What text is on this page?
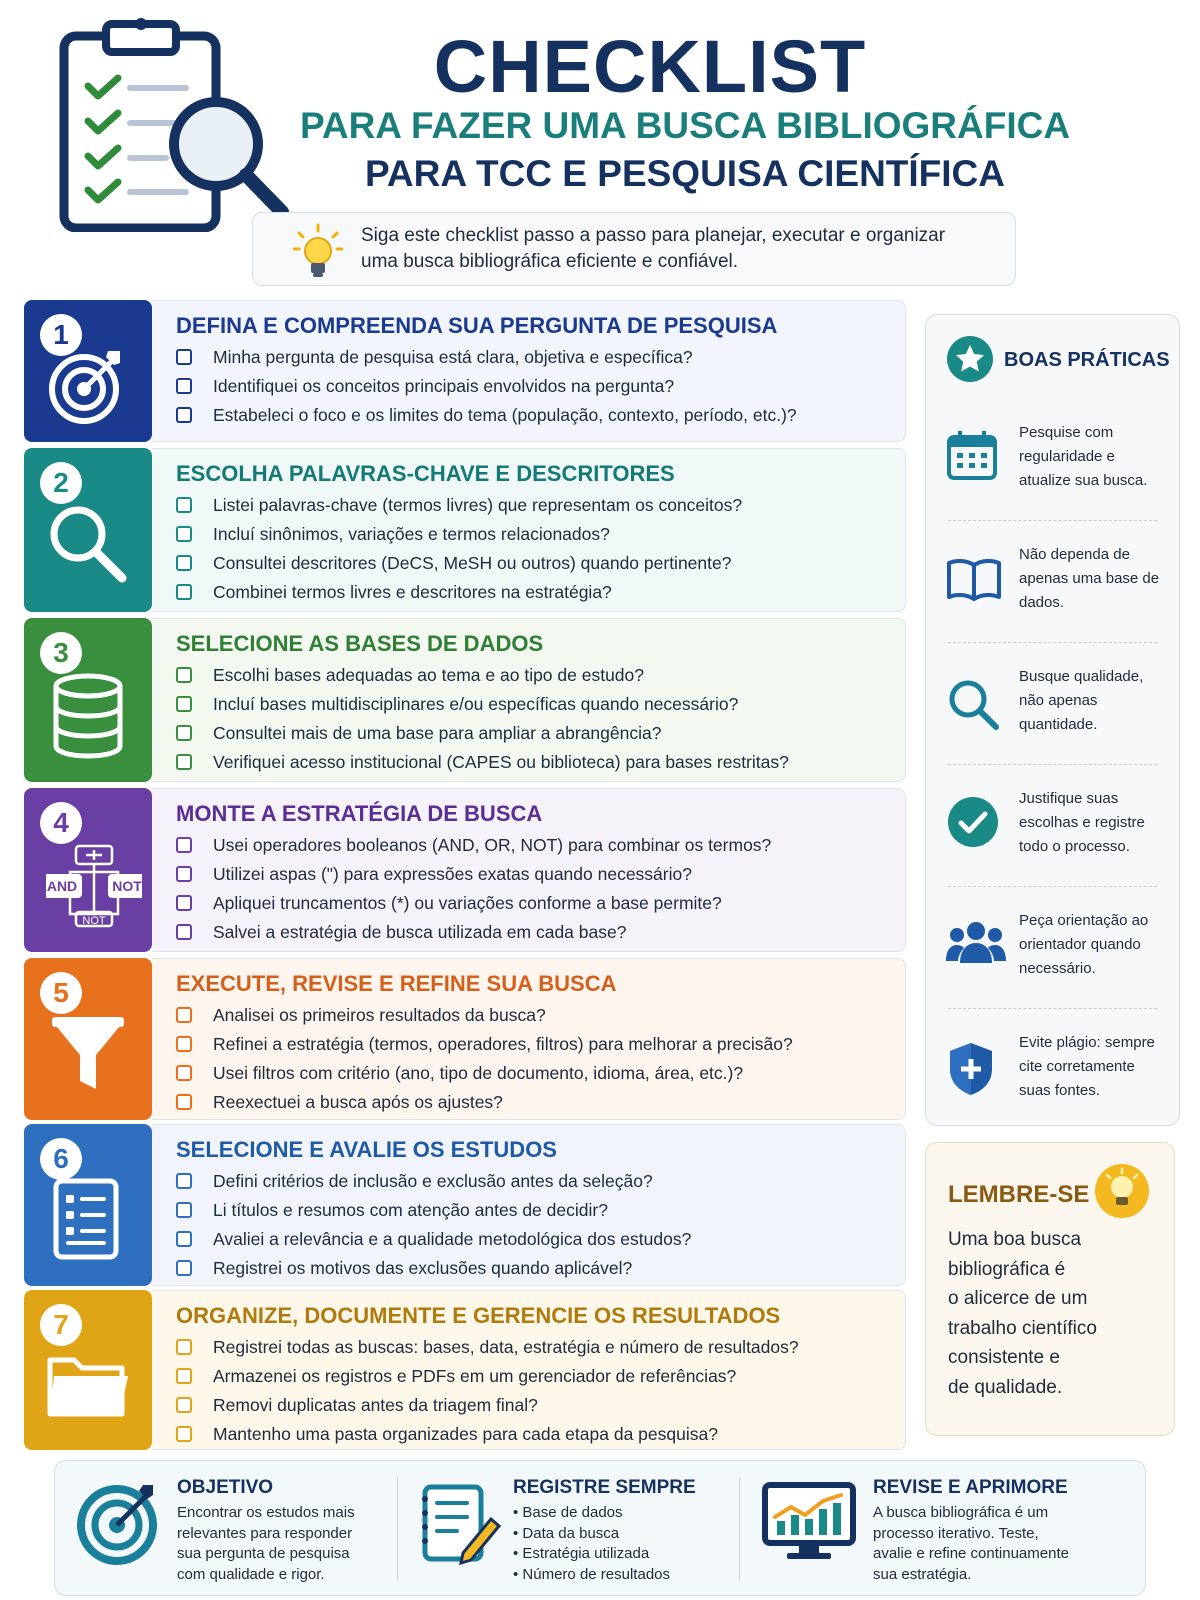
CHECKLIST
PARA FAZER UMA BUSCA BIBLIOGRÁFICA
PARA TCC E PESQUISA CIENTÍFICA
Siga este checklist passo a passo para planejar, executar e organizar
uma busca bibliográfica eficiente e confiável.
1	DEFINA E COMPREENDA SUA PERGUNTA DE PESQUISA
Minha pergunta de pesquisa está clara, objetiva e específica?
Identifiquei os conceitos principais envolvidos na pergunta?
Estabeleci o foco e os limites do tema (população, contexto, período, etc.)?
2	ESCOLHA PALAVRAS-CHAVE E DESCRITORES
Listei palavras-chave (termos livres) que representam os conceitos?
Incluí sinônimos, variações e termos relacionados?
Consultei descritores (DeCS, MeSH ou outros) quando pertinente?
Combinei termos livres e descritores na estratégia?
3	SELECIONE AS BASES DE DADOS
Escolhi bases adequadas ao tema e ao tipo de estudo?
Incluí bases multidisciplinares e/ou específicas quando necessário?
Consultei mais de uma base para ampliar a abrangência?
Verifiquei acesso institucional (CAPES ou biblioteca) para bases restritas?
4
AND	NOT
NOT
MONTE A ESTRATÉGIA DE BUSCA
Usei operadores booleanos (AND, OR, NOT) para combinar os termos?
Utilizei aspas (") para expressões exatas quando necessário?
Apliquei truncamentos (*) ou variações conforme a base permite?
Salvei a estratégia de busca utilizada em cada base?
5	EXECUTE, REVISE E REFINE SUA BUSCA
Analisei os primeiros resultados da busca?
Refinei a estratégia (termos, operadores, filtros) para melhorar a precisão?
Usei filtros com critério (ano, tipo de documento, idioma, área, etc.)?
Reexectuei a busca após os ajustes?
6	SELECIONE E AVALIE OS ESTUDOS
Defini critérios de inclusão e exclusão antes da seleção?
Li títulos e resumos com atenção antes de decidir?
Avaliei a relevância e a qualidade metodológica dos estudos?
Registrei os motivos das exclusões quando aplicável?
7	ORGANIZE, DOCUMENTE E GERENCIE OS RESULTADOS
Registrei todas as buscas: bases, data, estratégia e número de resultados?
Armazenei os registros e PDFs em um gerenciador de referências?
Removi duplicatas antes da triagem final?
Mantenho uma pasta organizades para cada etapa da pesquisa?
BOAS PRÁTICAS
Pesquise com regularidade e atualize sua busca.
Não dependa de apenas uma base de dados.
Busque qualidade, não apenas quantidade.
Justifique suas escolhas e registre todo o processo.
Peça orientação ao orientador quando necessário.
Evite plágio: sempre cite corretamente suas fontes.
LEMBRE-SE
Uma boa busca
bibliográfica é
o alicerce de um
trabalho científico
consistente e
de qualidade.
OBJETIVO
Encontrar os estudos mais
relevantes para responder
sua pergunta de pesquisa
com qualidade e rigor.
REGISTRE SEMPRE
• Base de dados
• Data da busca
• Estratégia utilizada
• Número de resultados
REVISE E APRIMORE
A busca bibliográfica é um
processo iterativo. Teste,
avalie e refine continuamente
sua estratégia.
